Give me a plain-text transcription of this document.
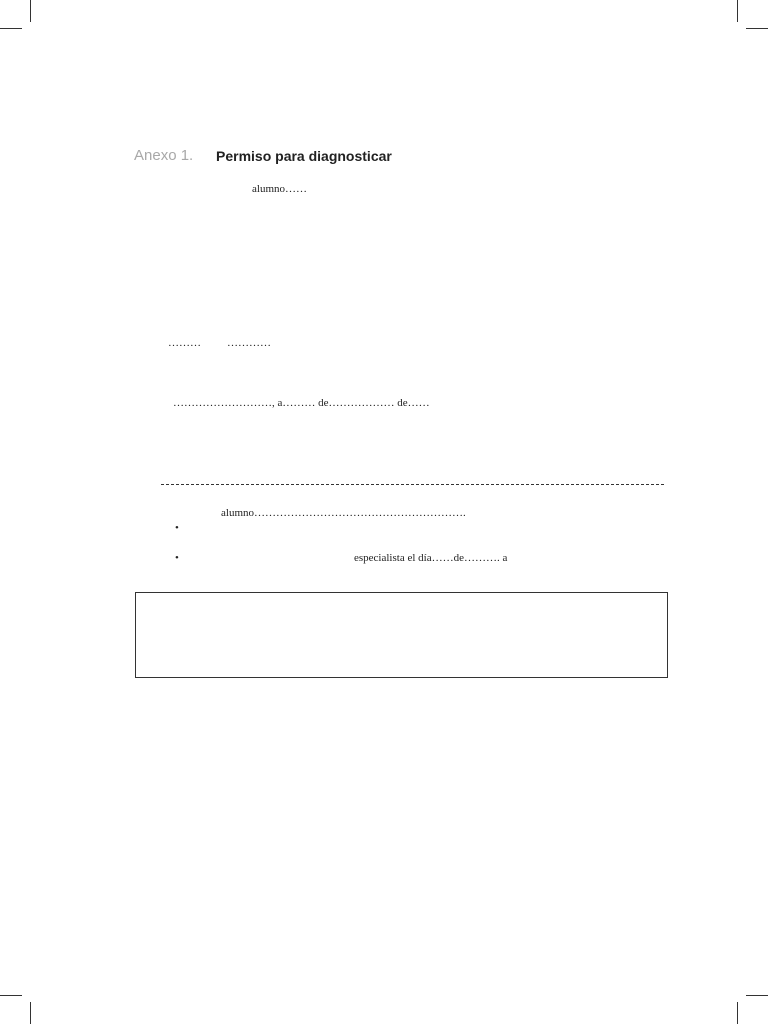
Anexo 1. Permiso para diagnosticar
alumno……
……… …………
………………………, a……… de……………… de……
alumno………………………………………………….
•
•	especialista el día……de………. a
